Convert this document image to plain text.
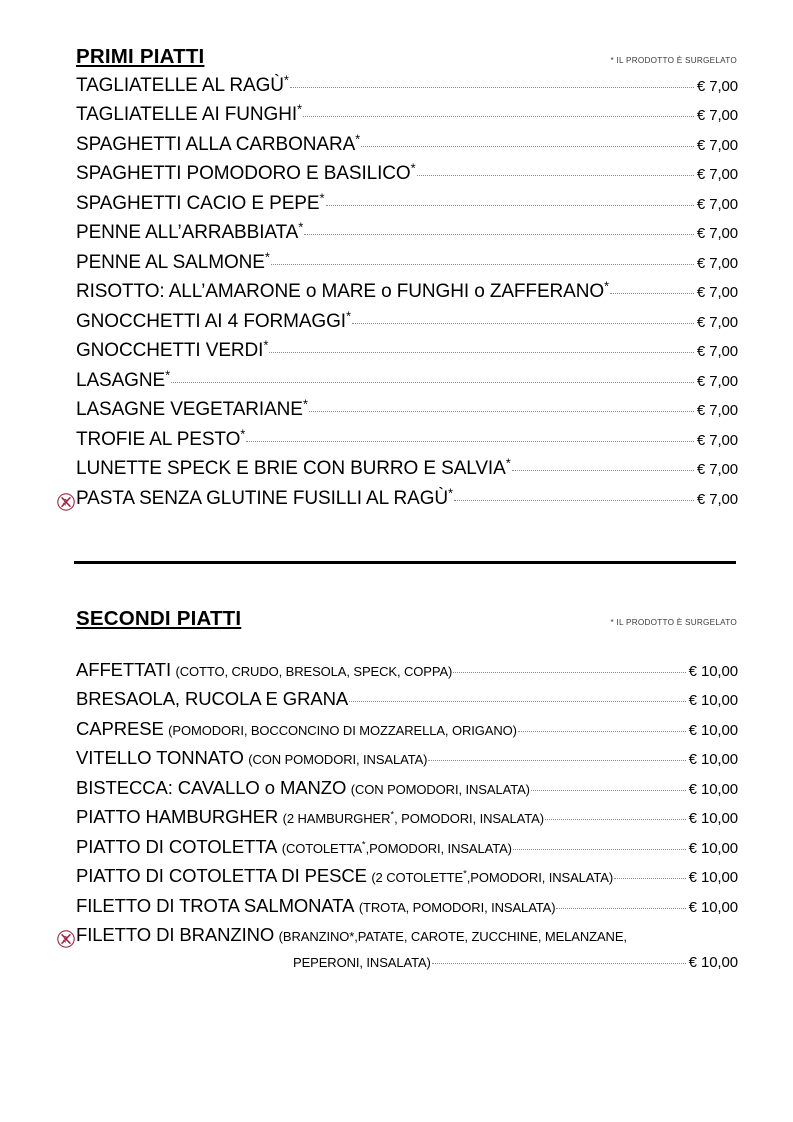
PRIMI PIATTI	* IL PRODOTTO È SURGELATO
TAGLIATELLE AL RAGÙ*	€ 7,00
TAGLIATELLE AI FUNGHI*	€ 7,00
SPAGHETTI ALLA CARBONARA*	€ 7,00
SPAGHETTI POMODORO E BASILICO*	€ 7,00
SPAGHETTI CACIO E PEPE*	€ 7,00
PENNE ALL’ARRABBIATA*	€ 7,00
PENNE AL SALMONE*	€ 7,00
RISOTTO: ALL’AMARONE o MARE o FUNGHI o ZAFFERANO*	€ 7,00
GNOCCHETTI AI 4 FORMAGGI*	€ 7,00
GNOCCHETTI VERDI*	€ 7,00
LASAGNE*	€ 7,00
LASAGNE VEGETARIANE*	€ 7,00
TROFIE AL PESTO*	€ 7,00
LUNETTE SPECK E BRIE CON BURRO E SALVIA*	€ 7,00
PASTA SENZA GLUTINE FUSILLI AL RAGÙ*	€ 7,00
SECONDI PIATTI	* IL PRODOTTO È SURGELATO
AFFETTATI (COTTO, CRUDO, BRESOLA, SPECK, COPPA)	€ 10,00
BRESAOLA, RUCOLA E GRANA	€ 10,00
CAPRESE (POMODORI, BOCCONCINO DI MOZZARELLA, ORIGANO)	€ 10,00
VITELLO TONNATO (CON POMODORI, INSALATA)	€ 10,00
BISTECCA: CAVALLO o MANZO (CON POMODORI, INSALATA)	€ 10,00
PIATTO HAMBURGHER (2 HAMBURGHER*, POMODORI, INSALATA)	€ 10,00
PIATTO DI COTOLETTA (COTOLETTA*,POMODORI, INSALATA)	€ 10,00
PIATTO DI COTOLETTA DI PESCE (2 COTOLETTE*,POMODORI, INSALATA)	€ 10,00
FILETTO DI TROTA SALMONATA (TROTA, POMODORI, INSALATA)	€ 10,00
FILETTO DI BRANZINO (BRANZINO*,PATATE, CAROTE, ZUCCHINE, MELANZANE,
PEPERONI, INSALATA)	€ 10,00
